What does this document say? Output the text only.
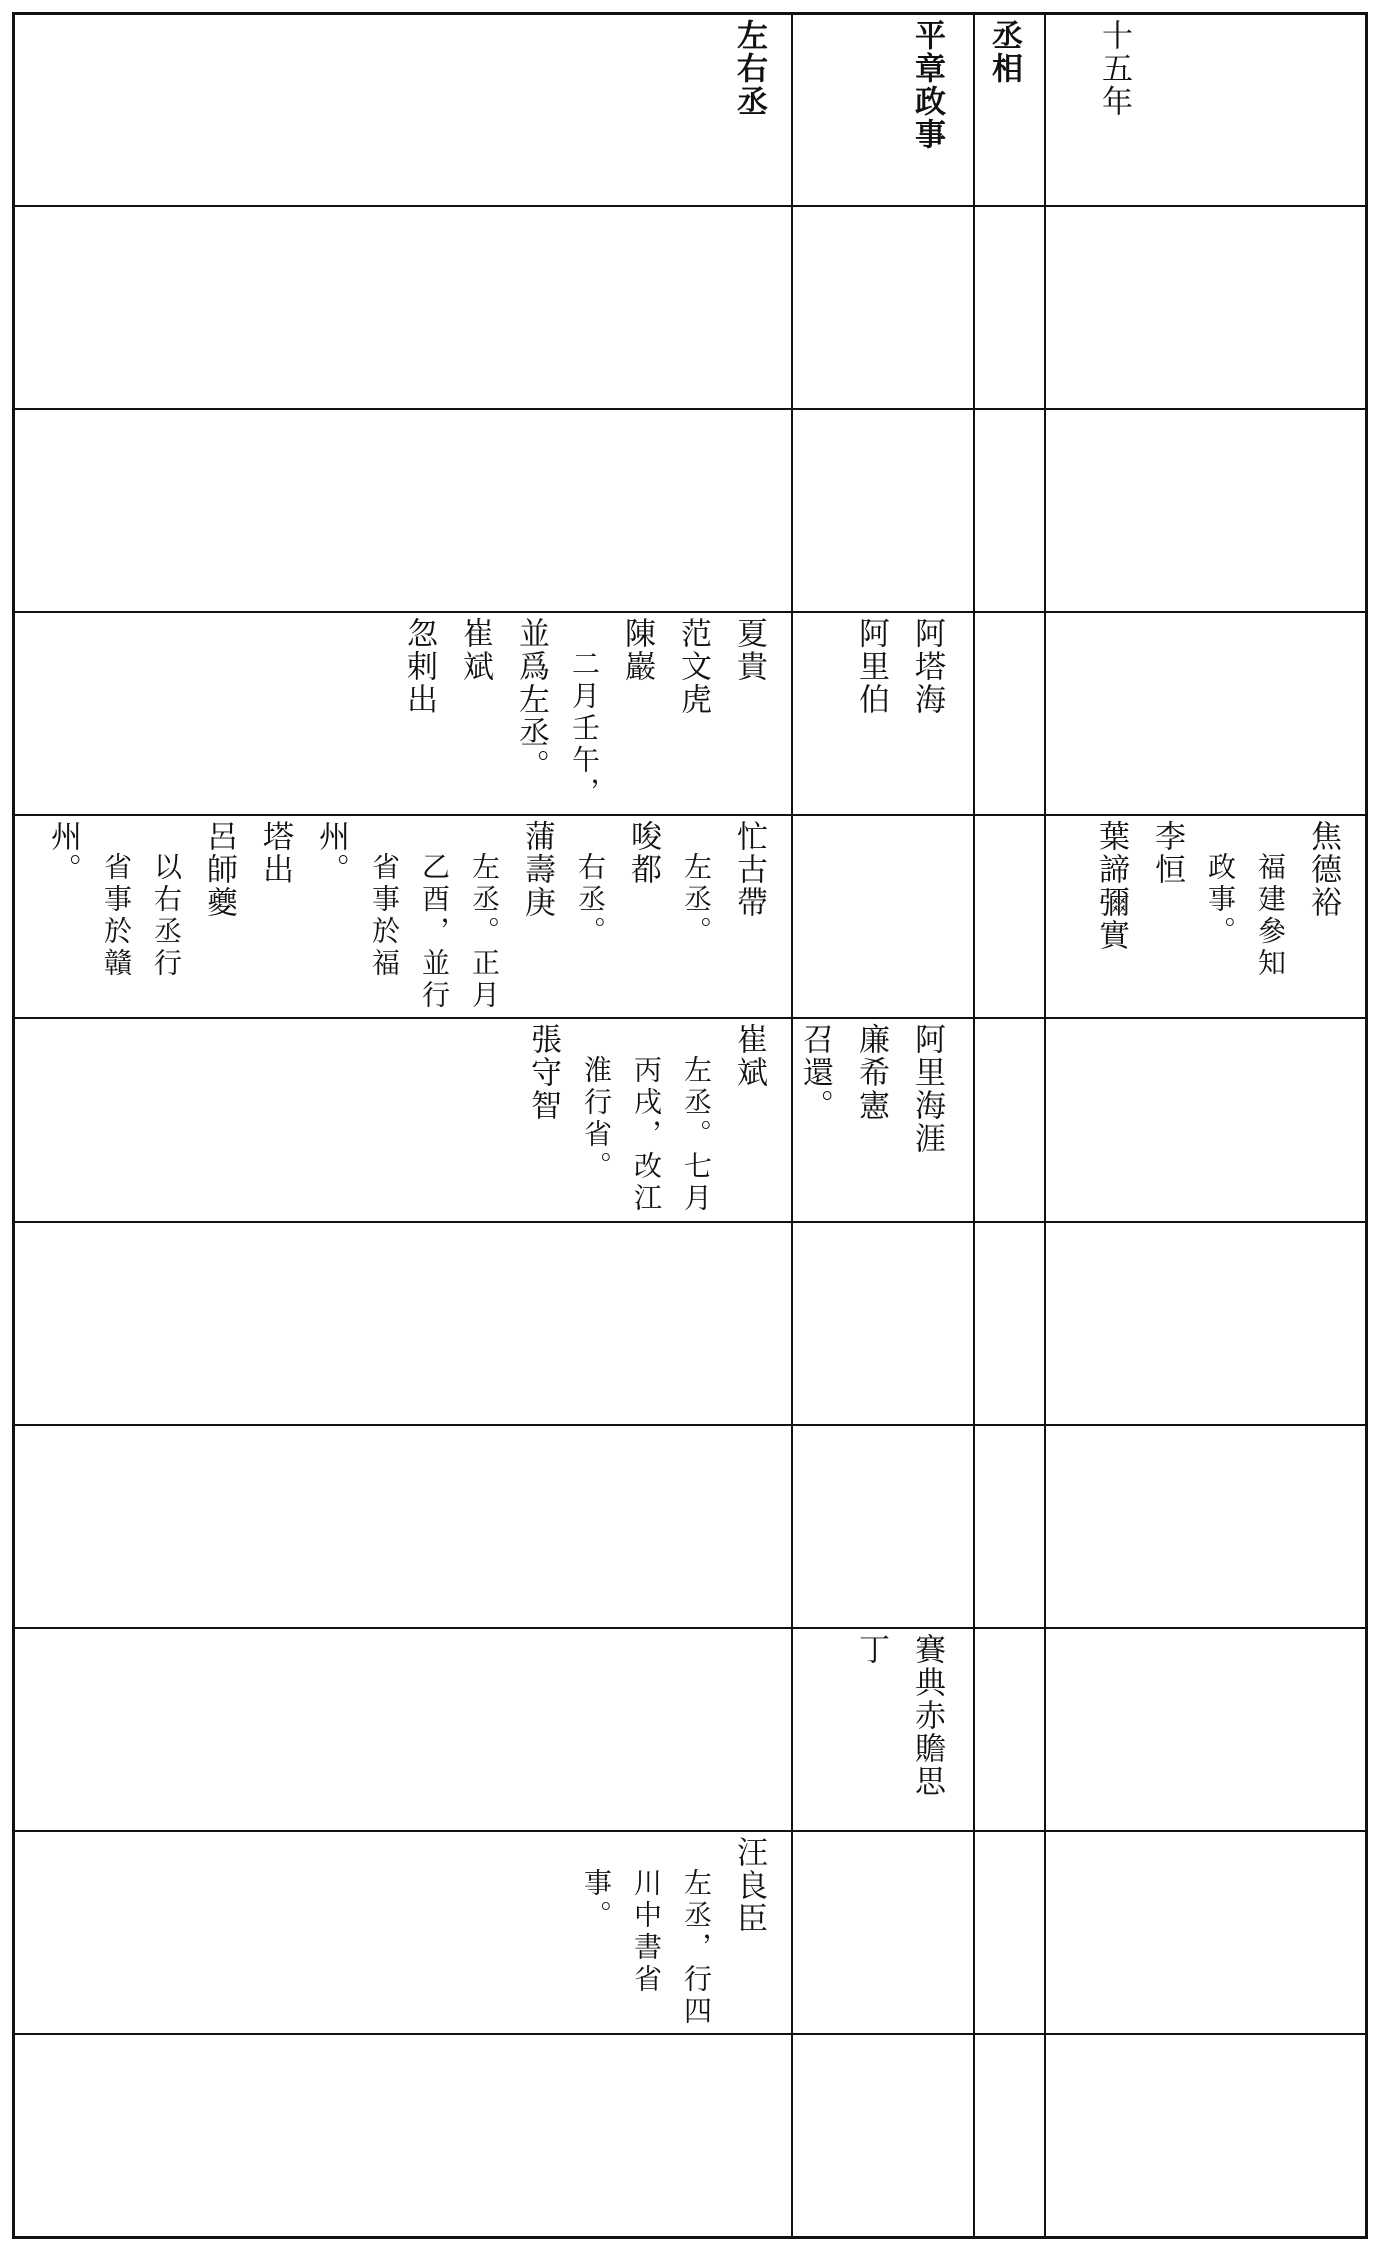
十五年
丞相
平章政事
左右丞
阿塔海
阿里伯
夏貴
范文虎
陳巖
　二月壬午，
並爲左丞。
崔斌
忽剌出
焦德裕
　福建參知
　政事。
李恒
葉諦彌實
忙古帶
　左丞。
唆都
　右丞。
蒲壽庚
　左丞。正月
　乙酉，並行
　省事於福
州。
塔出
呂師夔
　以右丞行
　省事於贛
州。
阿里海涯
廉希憲
召還。
崔斌
　左丞。七月
　丙戌，改江
　淮行省。
張守智
賽典赤贍思
丁
汪良臣
　左丞，行四
　川中書省
　事。
